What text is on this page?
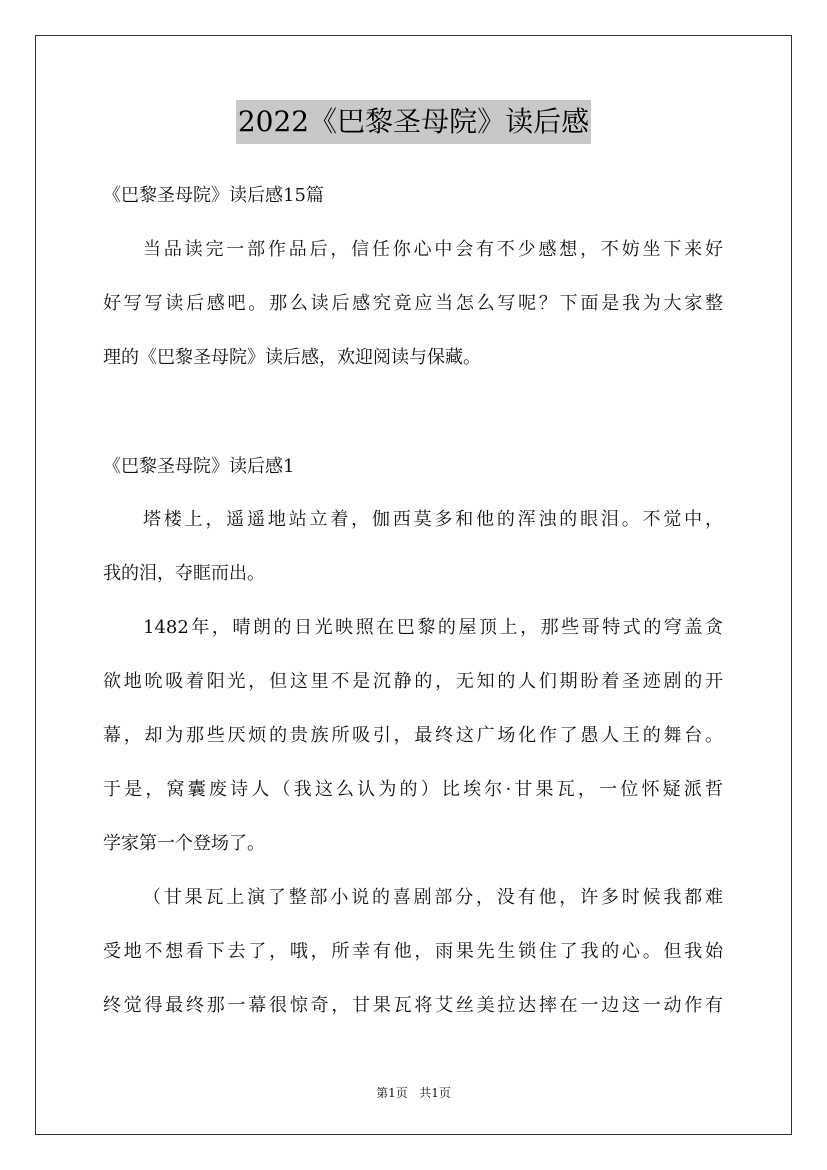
2022《巴黎圣母院》读后感
《巴黎圣母院》读后感15篇
当品读完一部作品后，信任你心中会有不少感想，不妨坐下来好
好写写读后感吧。那么读后感究竟应当怎么写呢？下面是我为大家整
理的《巴黎圣母院》读后感，欢迎阅读与保藏。
《巴黎圣母院》读后感1
塔楼上，遥遥地站立着，伽西莫多和他的浑浊的眼泪。不觉中，
我的泪，夺眶而出。
1482年，晴朗的日光映照在巴黎的屋顶上，那些哥特式的穹盖贪
欲地吮吸着阳光，但这里不是沉静的，无知的人们期盼着圣迹剧的开
幕，却为那些厌烦的贵族所吸引，最终这广场化作了愚人王的舞台。
于是，窝囊废诗人（我这么认为的）比埃尔·甘果瓦，一位怀疑派哲
学家第一个登场了。
（甘果瓦上演了整部小说的喜剧部分，没有他，许多时候我都难
受地不想看下去了，哦，所幸有他，雨果先生锁住了我的心。但我始
终觉得最终那一幕很惊奇，甘果瓦将艾丝美拉达摔在一边这一动作有
第1页 共1页
